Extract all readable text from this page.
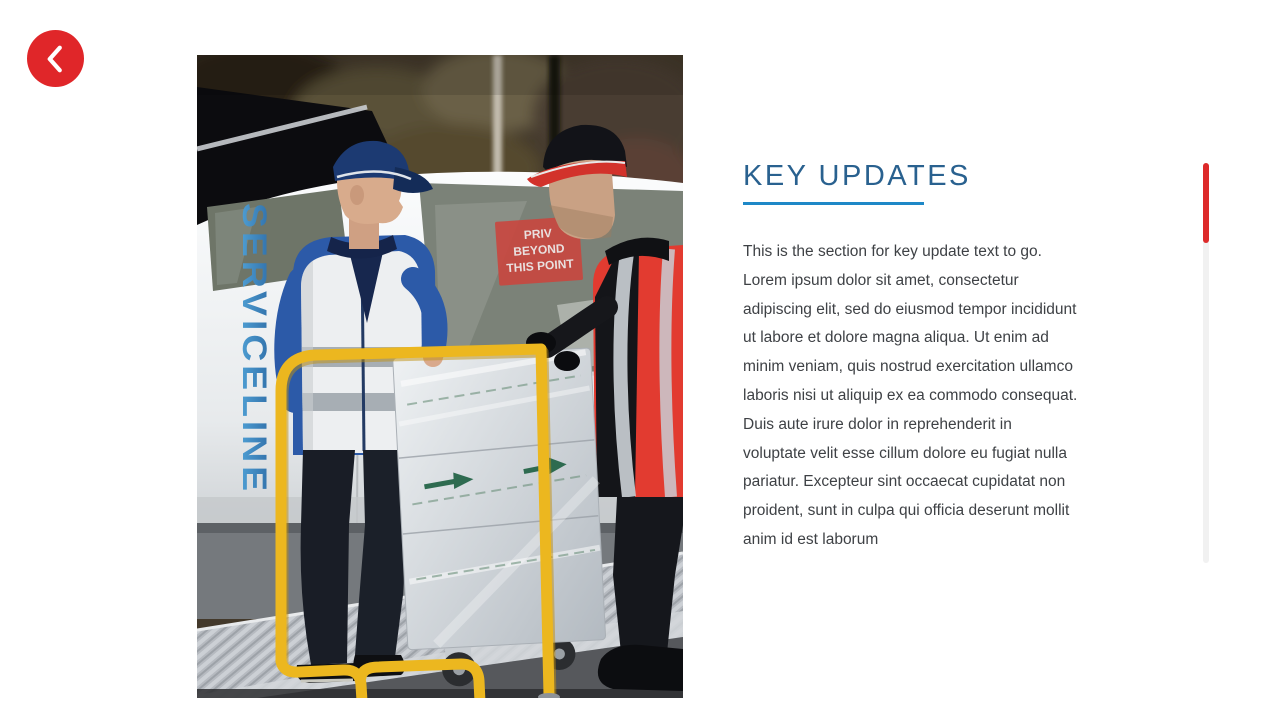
PRIV
BEYOND
THIS POINT
SERVICELINE
KEY UPDATES

This is the section for key update text to go. Lorem ipsum dolor sit amet, consectetur adipiscing elit, sed do eiusmod tempor incididunt ut labore et dolore magna aliqua. Ut enim ad minim veniam, quis nostrud exercitation ullamco laboris nisi ut aliquip ex ea commodo consequat. Duis aute irure dolor in reprehenderit in voluptate velit esse cillum dolore eu fugiat nulla pariatur. Excepteur sint occaecat cupidatat non proident, sunt in culpa qui officia deserunt mollit anim id est laborum
